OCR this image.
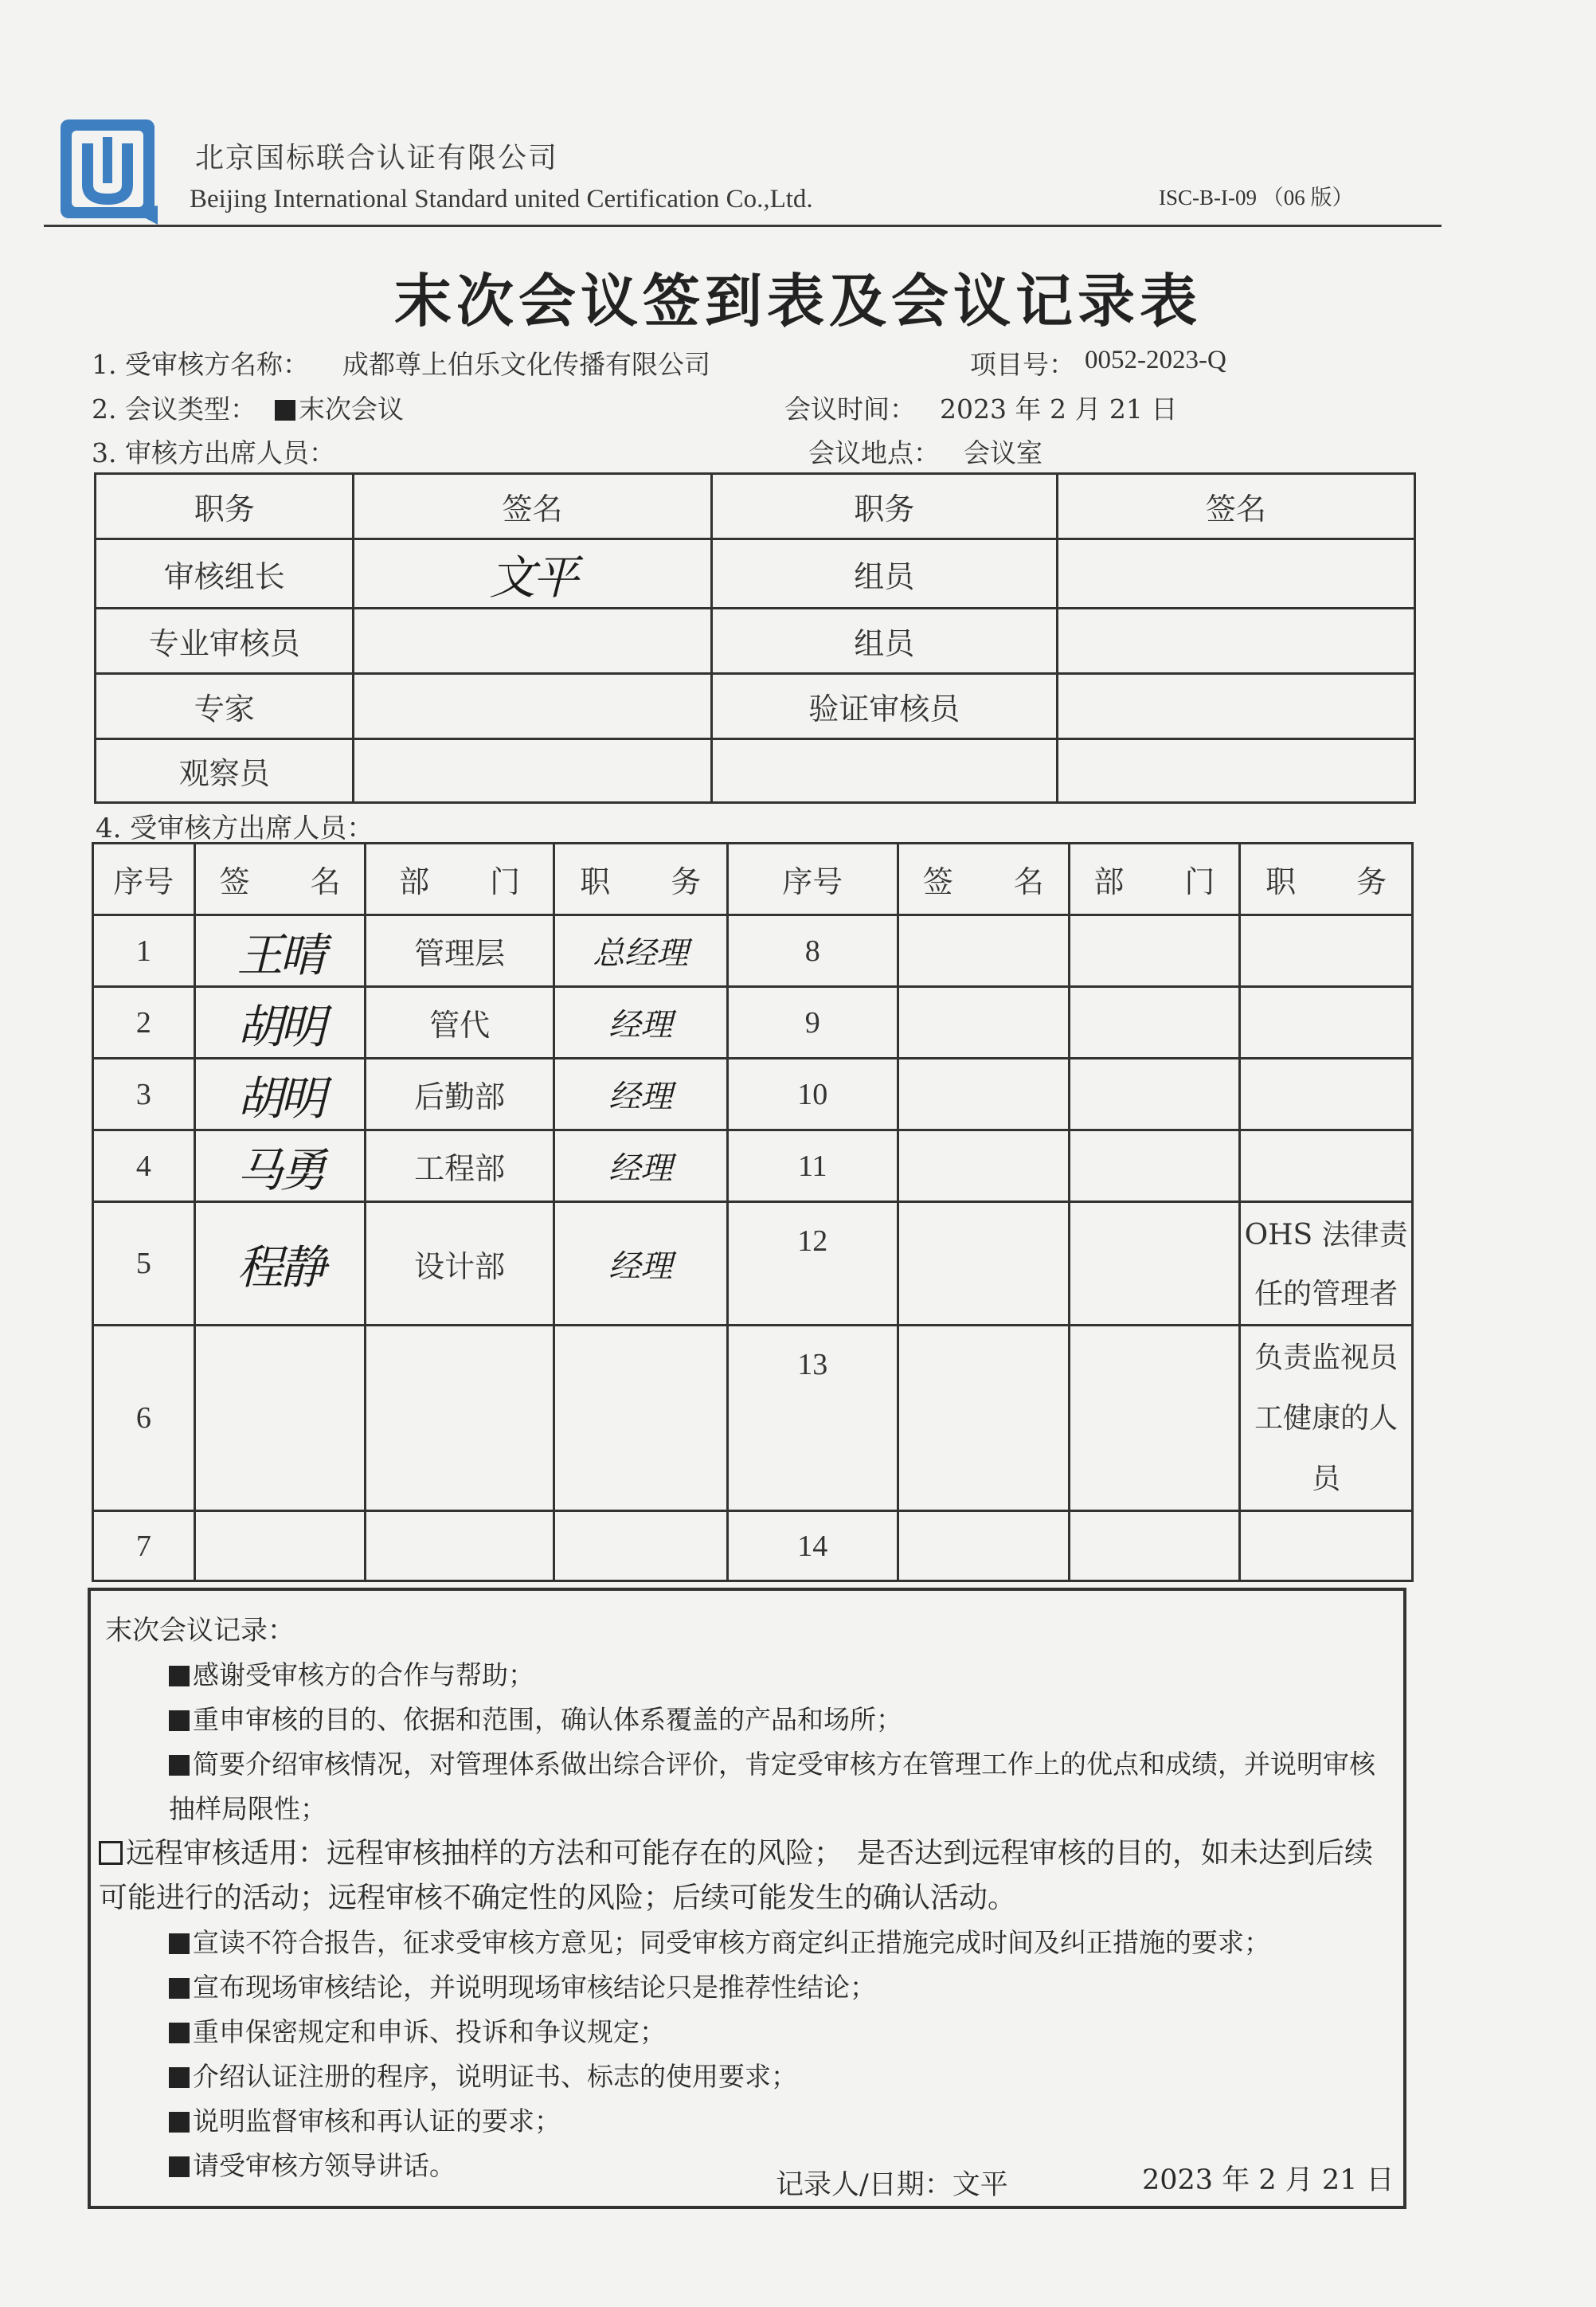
北京国标联合认证有限公司
Beijing International Standard united Certification Co.,Ltd.	ISC-B-I-09 （06 版）
末次会议签到表及会议记录表
1. 受审核方名称： 成都尊上伯乐文化传播有限公司	项目号： 0052-2023-Q
2. 会议类型：	末次会议	会议时间： 2023 年 2 月 21 日
3. 审核方出席人员：	会议地点： 会议室
职务	签名	职务	签名
审核组长	文平	组员	
专业审核员		组员	
专家		验证审核员	
观察员			
4. 受审核方出席人员：
序号	签　　名	部　　门	职　　务	序号	签　　名	部　　门	职　　务
1	王晴	管理层	总经理	8			
2	胡明	管代	经理	9			
3	胡明	后勤部	经理	10			
4	马勇	工程部	经理	11			
5	程静	设计部	经理	12			OHS 法律责任的管理者
6				13			负责监视员工健康的人员
7				14			
末次会议记录：
感谢受审核方的合作与帮助；
重申审核的目的、依据和范围，确认体系覆盖的产品和场所；
简要介绍审核情况，对管理体系做出综合评价，肯定受审核方在管理工作上的优点和成绩，并说明审核抽样局限性；
远程审核适用：远程审核抽样的方法和可能存在的风险；　是否达到远程审核的目的，如未达到后续可能进行的活动；远程审核不确定性的风险；后续可能发生的确认活动。
宣读不符合报告，征求受审核方意见；同受审核方商定纠正措施完成时间及纠正措施的要求；
宣布现场审核结论，并说明现场审核结论只是推荐性结论；
重申保密规定和申诉、投诉和争议规定；
介绍认证注册的程序，说明证书、标志的使用要求；
说明监督审核和再认证的要求；
请受审核方领导讲话。
记录人/日期：文平	2023 年 2 月 21 日
